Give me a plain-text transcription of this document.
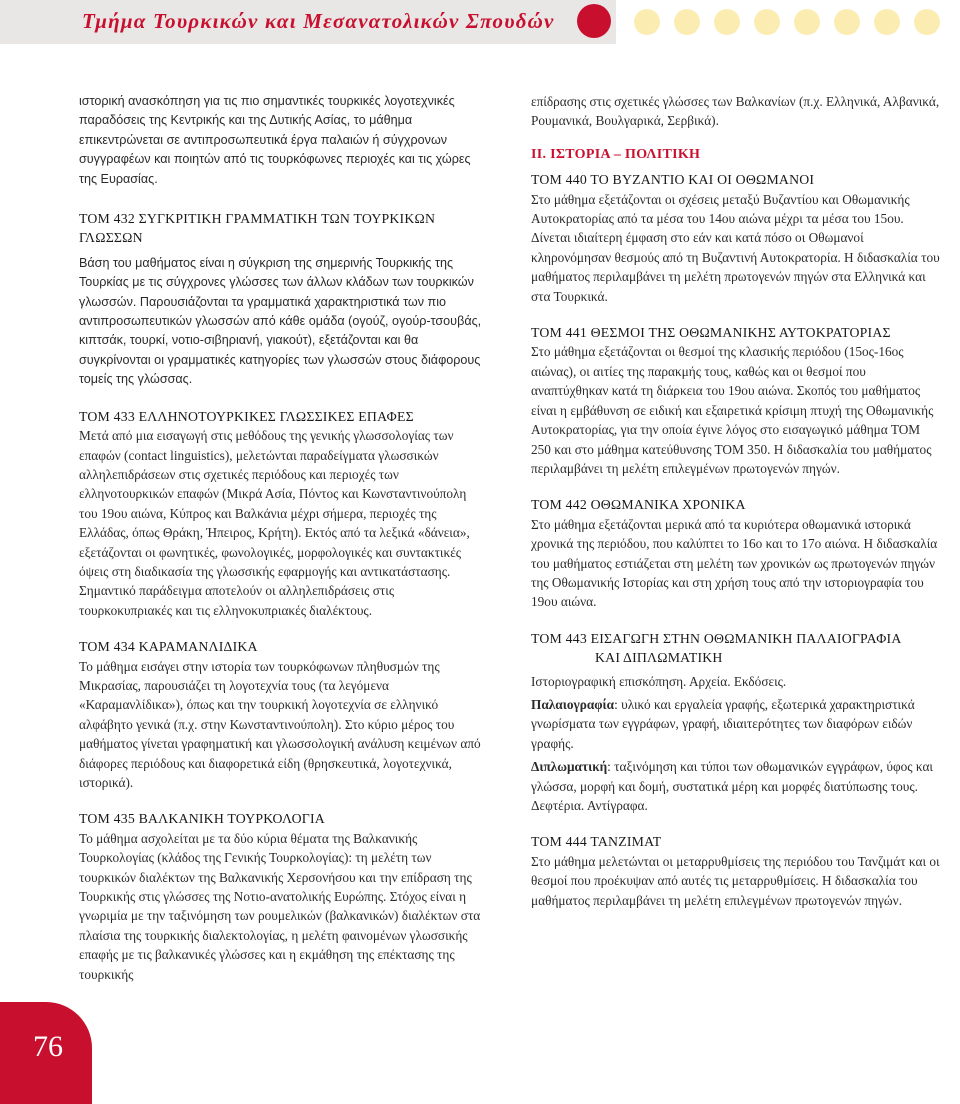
Τμήμα Τουρκικών και Μεσανατολικών Σπουδών

ιστορική ανασκόπηση για τις πιο σημαντικές τουρκικές λογοτεχνικές παραδόσεις της Κεντρικής και της Δυτικής Ασίας, το μάθημα επικεντρώνεται σε αντιπροσωπευτικά έργα παλαιών ή σύγχρονων συγγραφέων και ποιητών από τις τουρκόφωνες περιοχές και τις χώρες της Ευρασίας.

ΤΟΜ 432 ΣΥΓΚΡΙΤΙΚΗ ΓΡΑΜΜΑΤΙΚΗ ΤΩΝ ΤΟΥΡΚΙΚΩΝ ΓΛΩΣΣΩΝ

Βάση του μαθήματος είναι η σύγκριση της σημερινής Τουρκικής της Τουρκίας με τις σύγχρονες γλώσσες των άλλων κλάδων των τουρκικών γλωσσών. Παρουσιάζονται τα γραμματικά χαρακτηριστικά των πιο αντιπροσωπευτικών γλωσσών από κάθε ομάδα (ογούζ, ογούρ-τσουβάς, κιπτσάκ, τουρκί, νοτιο-σιβηριανή, γιακούτ), εξετάζονται και θα συγκρίνονται οι γραμματικές κατηγορίες των γλωσσών στους διάφορους τομείς της γλώσσας.

ΤΟΜ 433 ΕΛΛΗΝΟΤΟΥΡΚΙΚΕΣ ΓΛΩΣΣΙΚΕΣ ΕΠΑΦΕΣ

Μετά από μια εισαγωγή στις μεθόδους της γενικής γλωσσολογίας των επαφών (contact linguistics), μελετώνται παραδείγματα γλωσσικών αλληλεπιδράσεων στις σχετικές περιόδους και περιοχές των ελληνοτουρκικών επαφών (Μικρά Ασία, Πόντος και Κωνσταντινούπολη του 19ου αιώνα, Κύπρος και Βαλκάνια μέχρι σήμερα, περιοχές της Ελλάδας, όπως Θράκη, Ήπειρος, Κρήτη). Εκτός από τα λεξικά «δάνεια», εξετάζονται οι φωνητικές, φωνολογικές, μορφολογικές και συντακτικές όψεις στη διαδικασία της γλωσσικής εφαρμογής και αντικατάστασης. Σημαντικό παράδειγμα αποτελούν οι αλληλεπιδράσεις στις τουρκοκυπριακές και τις ελληνοκυπριακές διαλέκτους.

ΤΟΜ 434 ΚΑΡΑΜΑΝΛΙΔΙΚΑ

Το μάθημα εισάγει στην ιστορία των τουρκόφωνων πληθυσμών της Μικρασίας, παρουσιάζει τη λογοτεχνία τους (τα λεγόμενα «Καραμανλίδικα»), όπως και την τουρκική λογοτεχνία σε ελληνικό αλφάβητο γενικά (π.χ. στην Κωνσταντινούπολη). Στο κύριο μέρος του μαθήματος γίνεται γραφηματική και γλωσσολογική ανάλυση κειμένων από διάφορες περιόδους και διαφορετικά είδη (θρησκευτικά, λογοτεχνικά, ιστορικά).

ΤΟΜ 435 ΒΑΛΚΑΝΙΚΗ ΤΟΥΡΚΟΛΟΓΙΑ

Το μάθημα ασχολείται με τα δύο κύρια θέματα της Βαλκανικής Τουρκολογίας (κλάδος της Γενικής Τουρκολογίας): τη μελέτη των τουρκικών διαλέκτων της Βαλκανικής Χερσονήσου και την επίδραση της Τουρκικής στις γλώσσες της Νοτιο-ανατολικής Ευρώπης. Στόχος είναι η γνωριμία με την ταξινόμηση των ρουμελικών (βαλκανικών) διαλέκτων στα πλαίσια της τουρκικής διαλεκτολογίας, η μελέτη φαινομένων γλωσσικής επαφής με τις βαλκανικές γλώσσες και η εκμάθηση της επέκτασης της τουρκικής

επίδρασης στις σχετικές γλώσσες των Βαλκανίων (π.χ. Ελληνικά, Αλβανικά, Ρουμανικά, Βουλγαρικά, Σερβικά).

ΙΙ. ΙΣΤΟΡΙΑ – ΠΟΛΙΤΙΚΗ
ΤΟΜ 440 ΤΟ ΒΥΖΑΝΤΙΟ ΚΑΙ ΟΙ ΟΘΩΜΑΝΟΙ

Στο μάθημα εξετάζονται οι σχέσεις μεταξύ Βυζαντίου και Οθωμανικής Αυτοκρατορίας από τα μέσα του 14ου αιώνα μέχρι τα μέσα του 15ου. Δίνεται ιδιαίτερη έμφαση στο εάν και κατά πόσο οι Οθωμανοί κληρονόμησαν θεσμούς από τη Βυζαντινή Αυτοκρατορία. Η διδασκαλία του μαθήματος περιλαμβάνει τη μελέτη πρωτογενών πηγών στα Ελληνικά και στα Τουρκικά.

ΤΟΜ 441 ΘΕΣΜΟΙ ΤΗΣ ΟΘΩΜΑΝΙΚΗΣ ΑΥΤΟΚΡΑΤΟΡΙΑΣ

Στο μάθημα εξετάζονται οι θεσμοί της κλασικής περιόδου (15ος-16ος αιώνας), οι αιτίες της παρακμής τους, καθώς και οι θεσμοί που αναπτύχθηκαν κατά τη διάρκεια του 19ου αιώνα. Σκοπός του μαθήματος είναι η εμβάθυνση σε ειδική και εξαιρετικά κρίσιμη πτυχή της Οθωμανικής Αυτοκρατορίας, για την οποία έγινε λόγος στο εισαγωγικό μάθημα ΤΟΜ 250 και στο μάθημα κατεύθυνσης ΤΟΜ 350. Η διδασκαλία του μαθήματος περιλαμβάνει τη μελέτη επιλεγμένων πρωτογενών πηγών.

ΤΟΜ 442 ΟΘΩΜΑΝΙΚΑ ΧΡΟΝΙΚΑ

Στο μάθημα εξετάζονται μερικά από τα κυριότερα οθωμανικά ιστορικά χρονικά της περιόδου, που καλύπτει το 16ο και το 17ο αιώνα. Η διδασκαλία του μαθήματος εστιάζεται στη μελέτη των χρονικών ως πρωτογενών πηγών της Οθωμανικής Ιστορίας και στη χρήση τους από την ιστοριογραφία του 19ου αιώνα.

ΤΟΜ 443 ΕΙΣΑΓΩΓΗ ΣΤΗΝ ΟΘΩΜΑΝΙΚΗ ΠΑΛΑΙΟΓΡΑΦΙΑ
ΚΑΙ ΔΙΠΛΩΜΑΤΙΚΗ

Ιστοριογραφική επισκόπηση. Αρχεία. Εκδόσεις.

Παλαιογραφία: υλικό και εργαλεία γραφής, εξωτερικά χαρακτηριστικά γνωρίσματα των εγγράφων, γραφή, ιδιαιτερότητες των διαφόρων ειδών γραφής.

Διπλωματική: ταξινόμηση και τύποι των οθωμανικών εγγράφων, ύφος και γλώσσα, μορφή και δομή, συστατικά μέρη και μορφές διατύπωσης τους. Δεφτέρια. Αντίγραφα.

ΤΟΜ 444 ΤΑΝΖΙΜΑΤ

Στο μάθημα μελετώνται οι μεταρρυθμίσεις της περιόδου του Τανζιμάτ και οι θεσμοί που προέκυψαν από αυτές τις μεταρρυθμίσεις. Η διδασκαλία του μαθήματος περιλαμβάνει τη μελέτη επιλεγμένων πρωτογενών πηγών.

76
